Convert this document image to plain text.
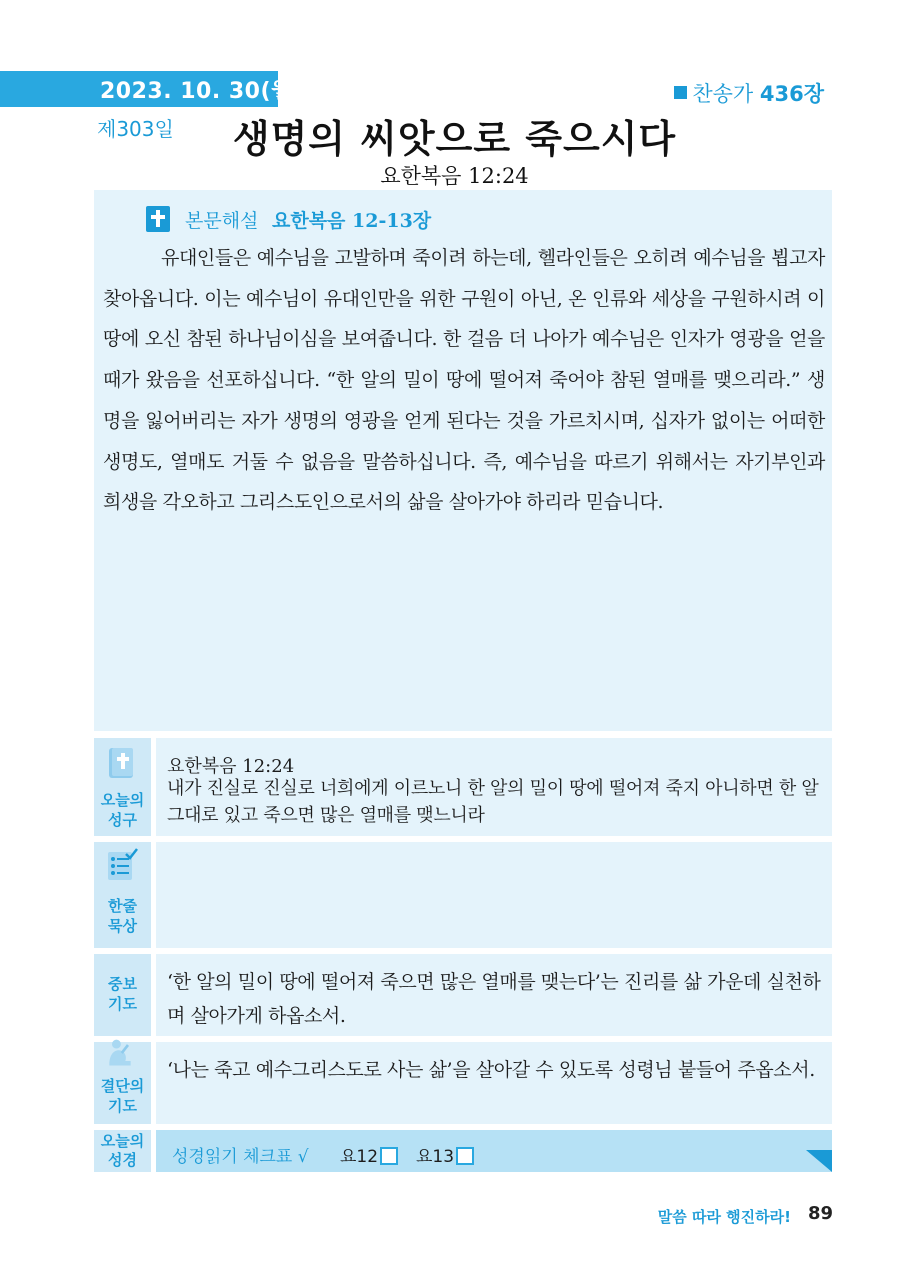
2023. 10. 30(월)
제303일
찬송가 436장
생명의 씨앗으로 죽으시다
요한복음 12:24
본문해설 요한복음 12-13장
유대인들은 예수님을 고발하며 죽이려 하는데, 헬라인들은 오히려 예수님을 뵙고자 찾아옵니다. 이는 예수님이 유대인만을 위한 구원이 아닌, 온 인류와 세상을 구원하시려 이 땅에 오신 참된 하나님이심을 보여줍니다. 한 걸음 더 나아가 예수님은 인자가 영광을 얻을 때가 왔음을 선포하십니다. “한 알의 밀이 땅에 떨어져 죽어야 참된 열매를 맺으리라.” 생명을 잃어버리는 자가 생명의 영광을 얻게 된다는 것을 가르치시며, 십자가 없이는 어떠한 생명도, 열매도 거둘 수 없음을 말씀하십니다. 즉, 예수님을 따르기 위해서는 자기부인과 희생을 각오하고 그리스도인으로서의 삶을 살아가야 하리라 믿습니다.
오늘의
성구
요한복음 12:24
내가 진실로 진실로 너희에게 이르노니 한 알의 밀이 땅에 떨어져 죽지 아니하면 한 알 그대로 있고 죽으면 많은 열매를 맺느니라
한줄
묵상
중보
기도
‘한 알의 밀이 땅에 떨어져 죽으면 많은 열매를 맺는다’는 진리를 삶 가운데 실천하며 살아가게 하옵소서.
결단의
기도
‘나는 죽고 예수그리스도로 사는 삶’을 살아갈 수 있도록 성령님 붙들어 주옵소서.
오늘의
성경	성경읽기 체크표 √ 요12	요13
말씀 따라 행진하라! 89
